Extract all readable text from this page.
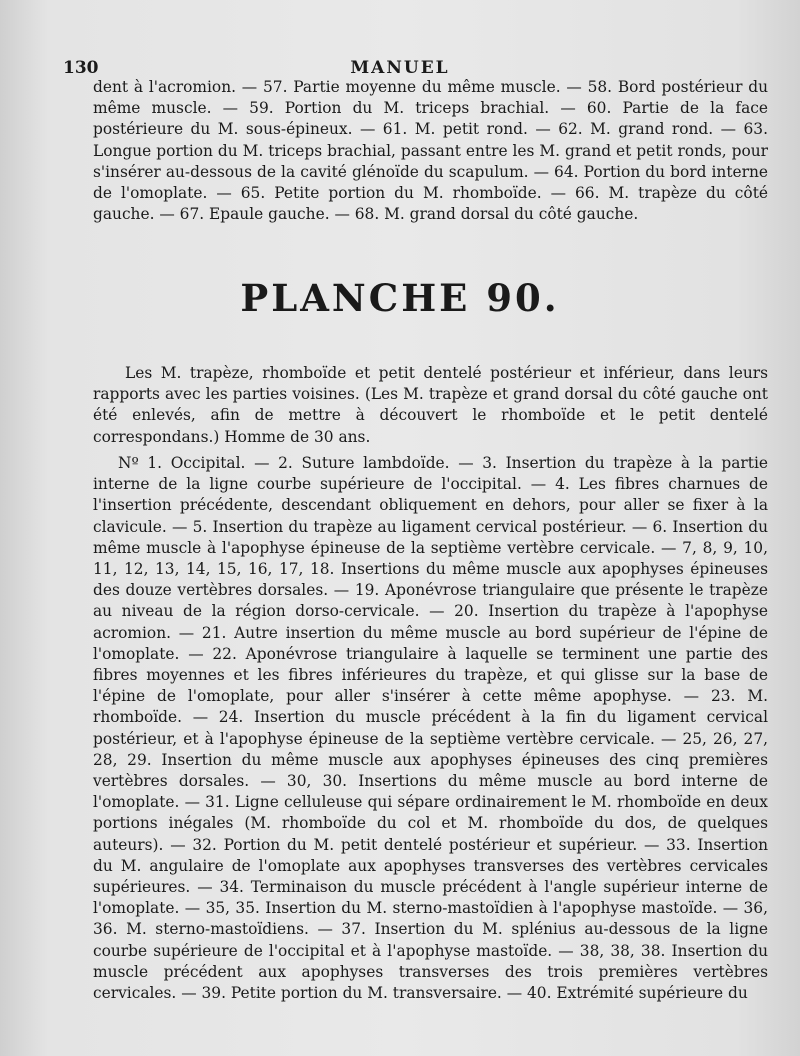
130	MANUEL

dent à l'acromion. — 57. Partie moyenne du même muscle. — 58. Bord postérieur du même muscle. — 59. Portion du M. triceps brachial. — 60. Partie de la face postérieure du M. sous-épineux. — 61. M. petit rond. — 62. M. grand rond. — 63. Longue portion du M. triceps brachial, passant entre les M. grand et petit ronds, pour s'insérer au-dessous de la cavité glénoïde du scapulum. — 64. Portion du bord interne de l'omoplate. — 65. Petite portion du M. rhomboïde. — 66. M. trapèze du côté gauche. — 67. Epaule gauche. — 68. M. grand dorsal du côté gauche.

PLANCHE 90.

Les M. trapèze, rhomboïde et petit dentelé postérieur et inférieur, dans leurs rapports avec les parties voisines. (Les M. trapèze et grand dorsal du côté gauche ont été enlevés, afin de mettre à découvert le rhomboïde et le petit dentelé correspondans.) Homme de 30 ans.

Nº 1. Occipital. — 2. Suture lambdoïde. — 3. Insertion du trapèze à la partie interne de la ligne courbe supérieure de l'occipital. — 4. Les fibres charnues de l'insertion précédente, descendant obliquement en dehors, pour aller se fixer à la clavicule. — 5. Insertion du trapèze au ligament cervical postérieur. — 6. Insertion du même muscle à l'apophyse épineuse de la septième vertèbre cervicale. — 7, 8, 9, 10, 11, 12, 13, 14, 15, 16, 17, 18. Insertions du même muscle aux apophyses épineuses des douze vertèbres dorsales. — 19. Aponévrose triangulaire que présente le trapèze au niveau de la région dorso-cervicale. — 20. Insertion du trapèze à l'apophyse acromion. — 21. Autre insertion du même muscle au bord supérieur de l'épine de l'omoplate. — 22. Aponévrose triangulaire à laquelle se terminent une partie des fibres moyennes et les fibres inférieures du trapèze, et qui glisse sur la base de l'épine de l'omoplate, pour aller s'insérer à cette même apophyse. — 23. M. rhomboïde. — 24. Insertion du muscle précédent à la fin du ligament cervical postérieur, et à l'apophyse épineuse de la septième vertèbre cervicale. — 25, 26, 27, 28, 29. Insertion du même muscle aux apophyses épineuses des cinq premières vertèbres dorsales. — 30, 30. Insertions du même muscle au bord interne de l'omoplate. — 31. Ligne celluleuse qui sépare ordinairement le M. rhomboïde en deux portions inégales (M. rhomboïde du col et M. rhomboïde du dos, de quelques auteurs). — 32. Portion du M. petit dentelé postérieur et supérieur. — 33. Insertion du M. angulaire de l'omoplate aux apophyses transverses des vertèbres cervicales supérieures. — 34. Terminaison du muscle précédent à l'angle supérieur interne de l'omoplate. — 35, 35. Insertion du M. sterno-mastoïdien à l'apophyse mastoïde. — 36, 36. M. sterno-mastoïdiens. — 37. Insertion du M. splénius au-dessous de la ligne courbe supérieure de l'occipital et à l'apophyse mastoïde. — 38, 38, 38. Insertion du muscle précédent aux apophyses transverses des trois premières vertèbres cervicales. — 39. Petite portion du M. transversaire. — 40. Extrémité supérieure du
